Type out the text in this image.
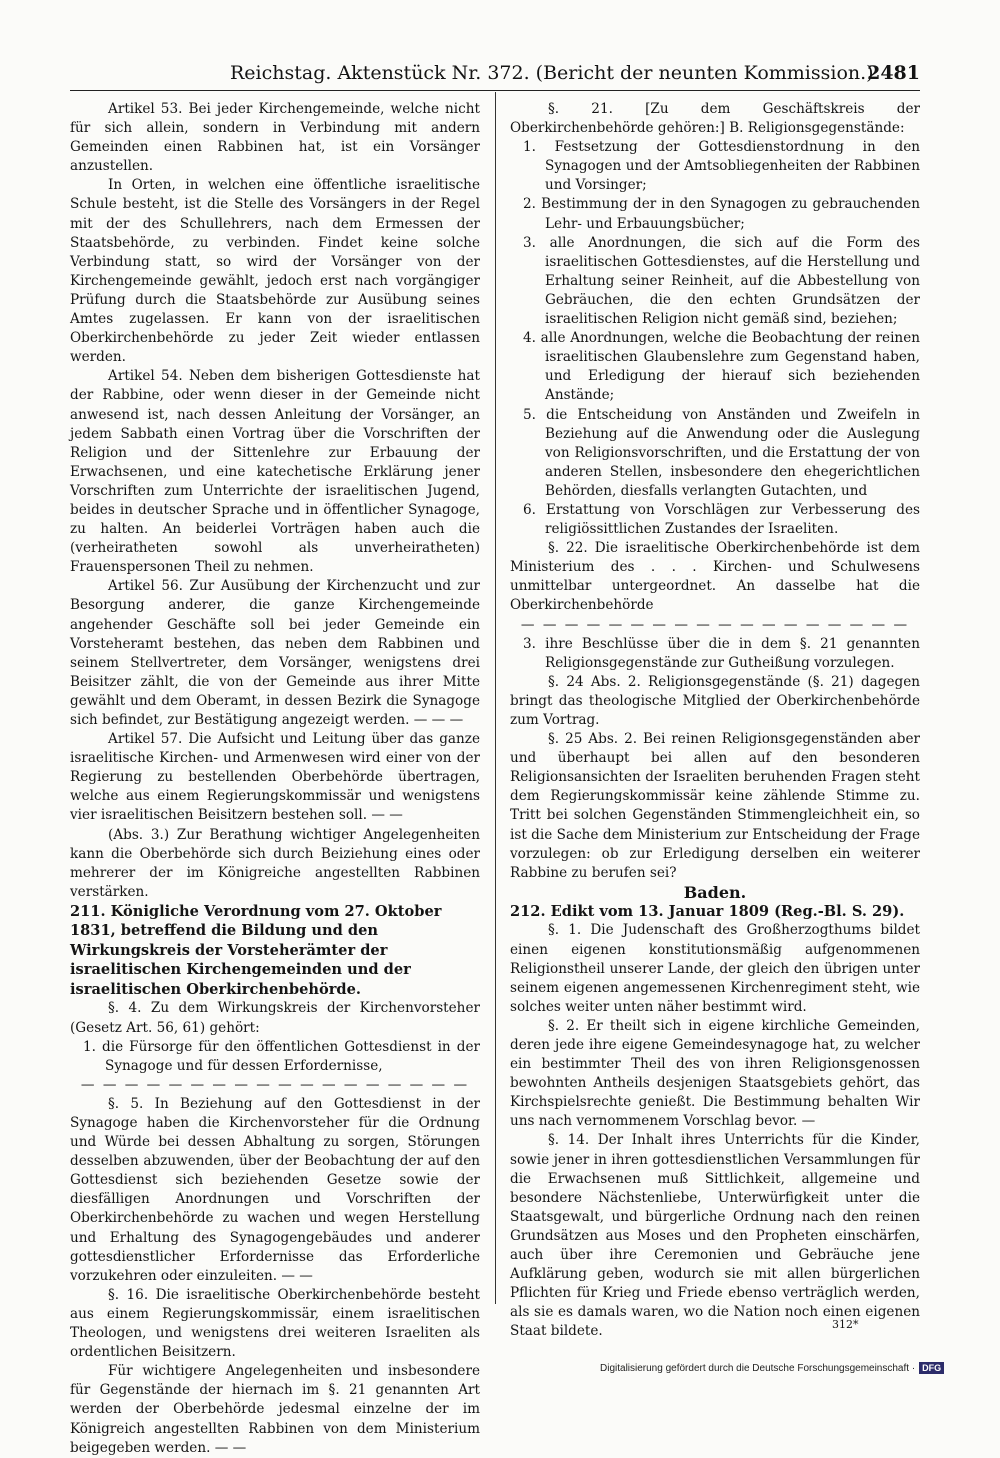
Reichstag. Aktenstück Nr. 372. (Bericht der neunten Kommission.)
2481

Artikel 53. Bei jeder Kirchengemeinde, welche nicht für sich allein, sondern in Verbindung mit andern Gemeinden einen Rabbinen hat, ist ein Vorsänger anzustellen.

In Orten, in welchen eine öffentliche israelitische Schule besteht, ist die Stelle des Vorsängers in der Regel mit der des Schullehrers, nach dem Ermessen der Staatsbehörde, zu verbinden. Findet keine solche Verbindung statt, so wird der Vorsänger von der Kirchengemeinde gewählt, jedoch erst nach vorgängiger Prüfung durch die Staatsbehörde zur Ausübung seines Amtes zugelassen. Er kann von der israelitischen Oberkirchenbehörde zu jeder Zeit wieder entlassen werden.

Artikel 54. Neben dem bisherigen Gottesdienste hat der Rabbine, oder wenn dieser in der Gemeinde nicht anwesend ist, nach dessen Anleitung der Vorsänger, an jedem Sabbath einen Vortrag über die Vorschriften der Religion und der Sittenlehre zur Erbauung der Erwachsenen, und eine katechetische Erklärung jener Vorschriften zum Unterrichte der israelitischen Jugend, beides in deutscher Sprache und in öffentlicher Synagoge, zu halten. An beiderlei Vorträgen haben auch die (verheiratheten sowohl als unverheiratheten) Frauenspersonen Theil zu nehmen.

Artikel 56. Zur Ausübung der Kirchenzucht und zur Besorgung anderer, die ganze Kirchengemeinde angehender Geschäfte soll bei jeder Gemeinde ein Vorsteheramt bestehen, das neben dem Rabbinen und seinem Stellvertreter, dem Vorsänger, wenigstens drei Beisitzer zählt, die von der Gemeinde aus ihrer Mitte gewählt und dem Oberamt, in dessen Bezirk die Synagoge sich befindet, zur Bestätigung angezeigt werden. — — —

Artikel 57. Die Aufsicht und Leitung über das ganze israelitische Kirchen- und Armenwesen wird einer von der Regierung zu bestellenden Oberbehörde übertragen, welche aus einem Regierungskommissär und wenigstens vier israelitischen Beisitzern bestehen soll. — —

(Abs. 3.) Zur Berathung wichtiger Angelegenheiten kann die Oberbehörde sich durch Beiziehung eines oder mehrerer der im Königreiche angestellten Rabbinen verstärken.

211. Königliche Verordnung vom 27. Oktober 1831, betreffend die Bildung und den Wirkungskreis der Vorsteherämter der israelitischen Kirchengemeinden und der israelitischen Oberkirchenbehörde.

§. 4. Zu dem Wirkungskreis der Kirchenvorsteher (Gesetz Art. 56, 61) gehört:

1. die Fürsorge für den öffentlichen Gottesdienst in der Synagoge und für dessen Erfordernisse,

— — — — — — — — — — — — — — — — — —

§. 5. In Beziehung auf den Gottesdienst in der Synagoge haben die Kirchenvorsteher für die Ordnung und Würde bei dessen Abhaltung zu sorgen, Störungen desselben abzuwenden, über der Beobachtung der auf den Gottesdienst sich beziehenden Gesetze sowie der diesfälligen Anordnungen und Vorschriften der Oberkirchenbehörde zu wachen und wegen Herstellung und Erhaltung des Synagogengebäudes und anderer gottesdienstlicher Erfordernisse das Erforderliche vorzukehren oder einzuleiten. — —

§. 16. Die israelitische Oberkirchenbehörde besteht aus einem Regierungskommissär, einem israelitischen Theologen, und wenigstens drei weiteren Israeliten als ordentlichen Beisitzern.

Für wichtigere Angelegenheiten und insbesondere für Gegenstände der hiernach im §. 21 genannten Art werden der Oberbehörde jedesmal einzelne der im Königreich angestellten Rabbinen von dem Ministerium beigegeben werden. — —

§. 21. [Zu dem Geschäftskreis der Oberkirchenbehörde gehören:] B. Religionsgegenstände:

1. Festsetzung der Gottesdienstordnung in den Synagogen und der Amtsobliegenheiten der Rabbinen und Vorsinger;

2. Bestimmung der in den Synagogen zu gebrauchenden Lehr- und Erbauungsbücher;

3. alle Anordnungen, die sich auf die Form des israelitischen Gottesdienstes, auf die Herstellung und Erhaltung seiner Reinheit, auf die Abbestellung von Gebräuchen, die den echten Grundsätzen der israelitischen Religion nicht gemäß sind, beziehen;

4. alle Anordnungen, welche die Beobachtung der reinen israelitischen Glaubenslehre zum Gegenstand haben, und Erledigung der hierauf sich beziehenden Anstände;

5. die Entscheidung von Anständen und Zweifeln in Beziehung auf die Anwendung oder die Auslegung von Religionsvorschriften, und die Erstattung der von anderen Stellen, insbesondere den ehegerichtlichen Behörden, diesfalls verlangten Gutachten, und

6. Erstattung von Vorschlägen zur Verbesserung des religiössittlichen Zustandes der Israeliten.

§. 22. Die israelitische Oberkirchenbehörde ist dem Ministerium des . . . Kirchen- und Schulwesens unmittelbar untergeordnet. An dasselbe hat die Oberkirchenbehörde

— — — — — — — — — — — — — — — — — —

3. ihre Beschlüsse über die in dem §. 21 genannten Religionsgegenstände zur Gutheißung vorzulegen.

§. 24 Abs. 2. Religionsgegenstände (§. 21) dagegen bringt das theologische Mitglied der Oberkirchenbehörde zum Vortrag.

§. 25 Abs. 2. Bei reinen Religionsgegenständen aber und überhaupt bei allen auf den besonderen Religionsansichten der Israeliten beruhenden Fragen steht dem Regierungskommissär keine zählende Stimme zu. Tritt bei solchen Gegenständen Stimmengleichheit ein, so ist die Sache dem Ministerium zur Entscheidung der Frage vorzulegen: ob zur Erledigung derselben ein weiterer Rabbine zu berufen sei?

Baden.

212. Edikt vom 13. Januar 1809 (Reg.-Bl. S. 29).

§. 1. Die Judenschaft des Großherzogthums bildet einen eigenen konstitutionsmäßig aufgenommenen Religionstheil unserer Lande, der gleich den übrigen unter seinem eigenen angemessenen Kirchenregiment steht, wie solches weiter unten näher bestimmt wird.

§. 2. Er theilt sich in eigene kirchliche Gemeinden, deren jede ihre eigene Gemeindesynagoge hat, zu welcher ein bestimmter Theil des von ihren Religionsgenossen bewohnten Antheils desjenigen Staatsgebiets gehört, das Kirchspielsrechte genießt. Die Bestimmung behalten Wir uns nach vernommenem Vorschlag bevor. —

§. 14. Der Inhalt ihres Unterrichts für die Kinder, sowie jener in ihren gottesdienstlichen Versammlungen für die Erwachsenen muß Sittlichkeit, allgemeine und besondere Nächstenliebe, Unterwürfigkeit unter die Staatsgewalt, und bürgerliche Ordnung nach den reinen Grundsätzen aus Moses und den Propheten einschärfen, auch über ihre Ceremonien und Gebräuche jene Aufklärung geben, wodurch sie mit allen bürgerlichen Pflichten für Krieg und Friede ebenso verträglich werden, als sie es damals waren, wo die Nation noch einen eigenen Staat bildete.	312*
Digitalisierung gefördert durch die Deutsche Forschungsgemeinschaft · DFG
